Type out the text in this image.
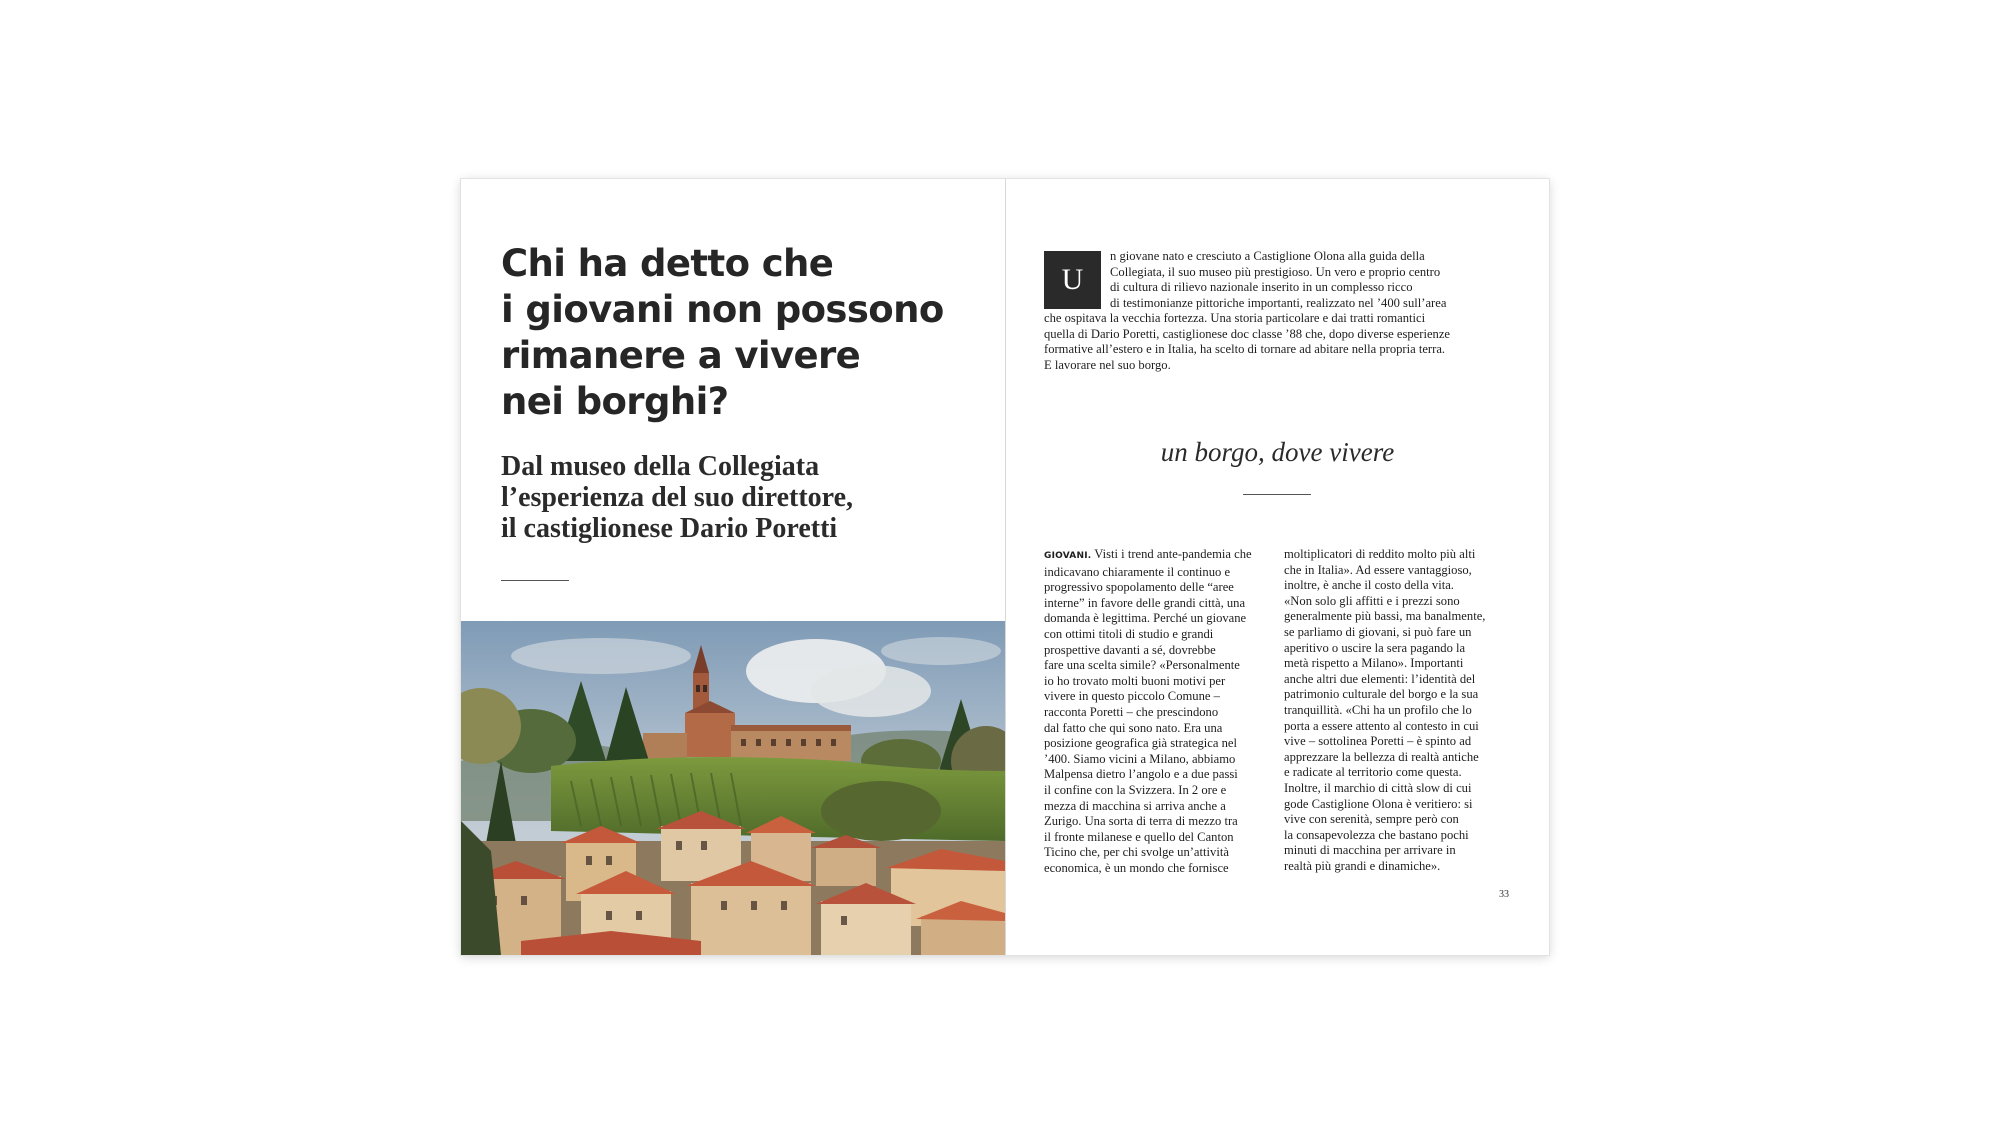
Chi ha detto che
i giovani non possono
rimanere a vivere
nei borghi?
Dal museo della Collegiata
l’esperienza del suo direttore,
il castiglionese Dario Poretti
U
n giovane nato e cresciuto a Castiglione Olona alla guida della
Collegiata, il suo museo più prestigioso. Un vero e proprio centro
di cultura di rilievo nazionale inserito in un complesso ricco
di testimonianze pittoriche importanti, realizzato nel ’400 sull’area
che ospitava la vecchia fortezza. Una storia particolare e dai tratti romantici
quella di Dario Poretti, castiglionese doc classe ’88 che, dopo diverse esperienze
formative all’estero e in Italia, ha scelto di tornare ad abitare nella propria terra.
E lavorare nel suo borgo.
un borgo, dove vivere
GIOVANI. Visti i trend ante-pandemia che
indicavano chiaramente il continuo e
progressivo spopolamento delle “aree
interne” in favore delle grandi città, una
domanda è legittima. Perché un giovane
con ottimi titoli di studio e grandi
prospettive davanti a sé, dovrebbe
fare una scelta simile? «Personalmente
io ho trovato molti buoni motivi per
vivere in questo piccolo Comune –
racconta Poretti – che prescindono
dal fatto che qui sono nato. Era una
posizione geografica già strategica nel
’400. Siamo vicini a Milano, abbiamo
Malpensa dietro l’angolo e a due passi
il confine con la Svizzera. In 2 ore e
mezza di macchina si arriva anche a
Zurigo. Una sorta di terra di mezzo tra
il fronte milanese e quello del Canton
Ticino che, per chi svolge un’attività
economica, è un mondo che fornisce
moltiplicatori di reddito molto più alti
che in Italia». Ad essere vantaggioso,
inoltre, è anche il costo della vita.
«Non solo gli affitti e i prezzi sono
generalmente più bassi, ma banalmente,
se parliamo di giovani, si può fare un
aperitivo o uscire la sera pagando la
metà rispetto a Milano». Importanti
anche altri due elementi: l’identità del
patrimonio culturale del borgo e la sua
tranquillità. «Chi ha un profilo che lo
porta a essere attento al contesto in cui
vive – sottolinea Poretti – è spinto ad
apprezzare la bellezza di realtà antiche
e radicate al territorio come questa.
Inoltre, il marchio di città slow di cui
gode Castiglione Olona è veritiero: si
vive con serenità, sempre però con
la consapevolezza che bastano pochi
minuti di macchina per arrivare in
realtà più grandi e dinamiche».
33
